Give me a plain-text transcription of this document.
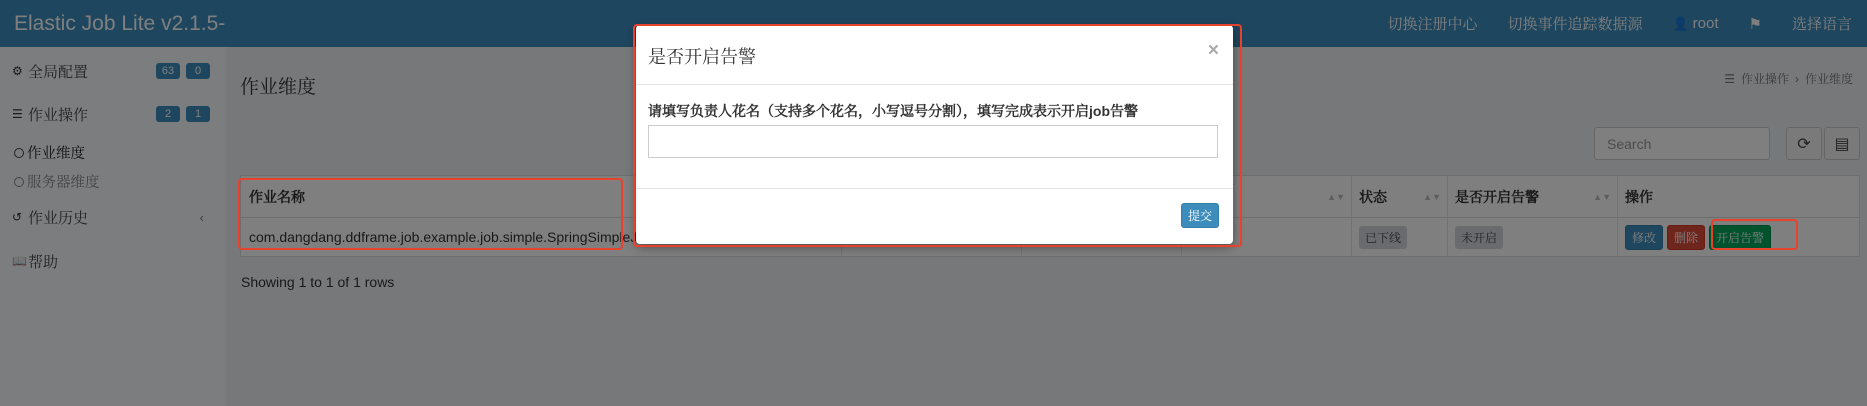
是否开启告警	×
请填写负责人花名（支持多个花名，小写逗号分割），填写完成表示开启job告警
提交
